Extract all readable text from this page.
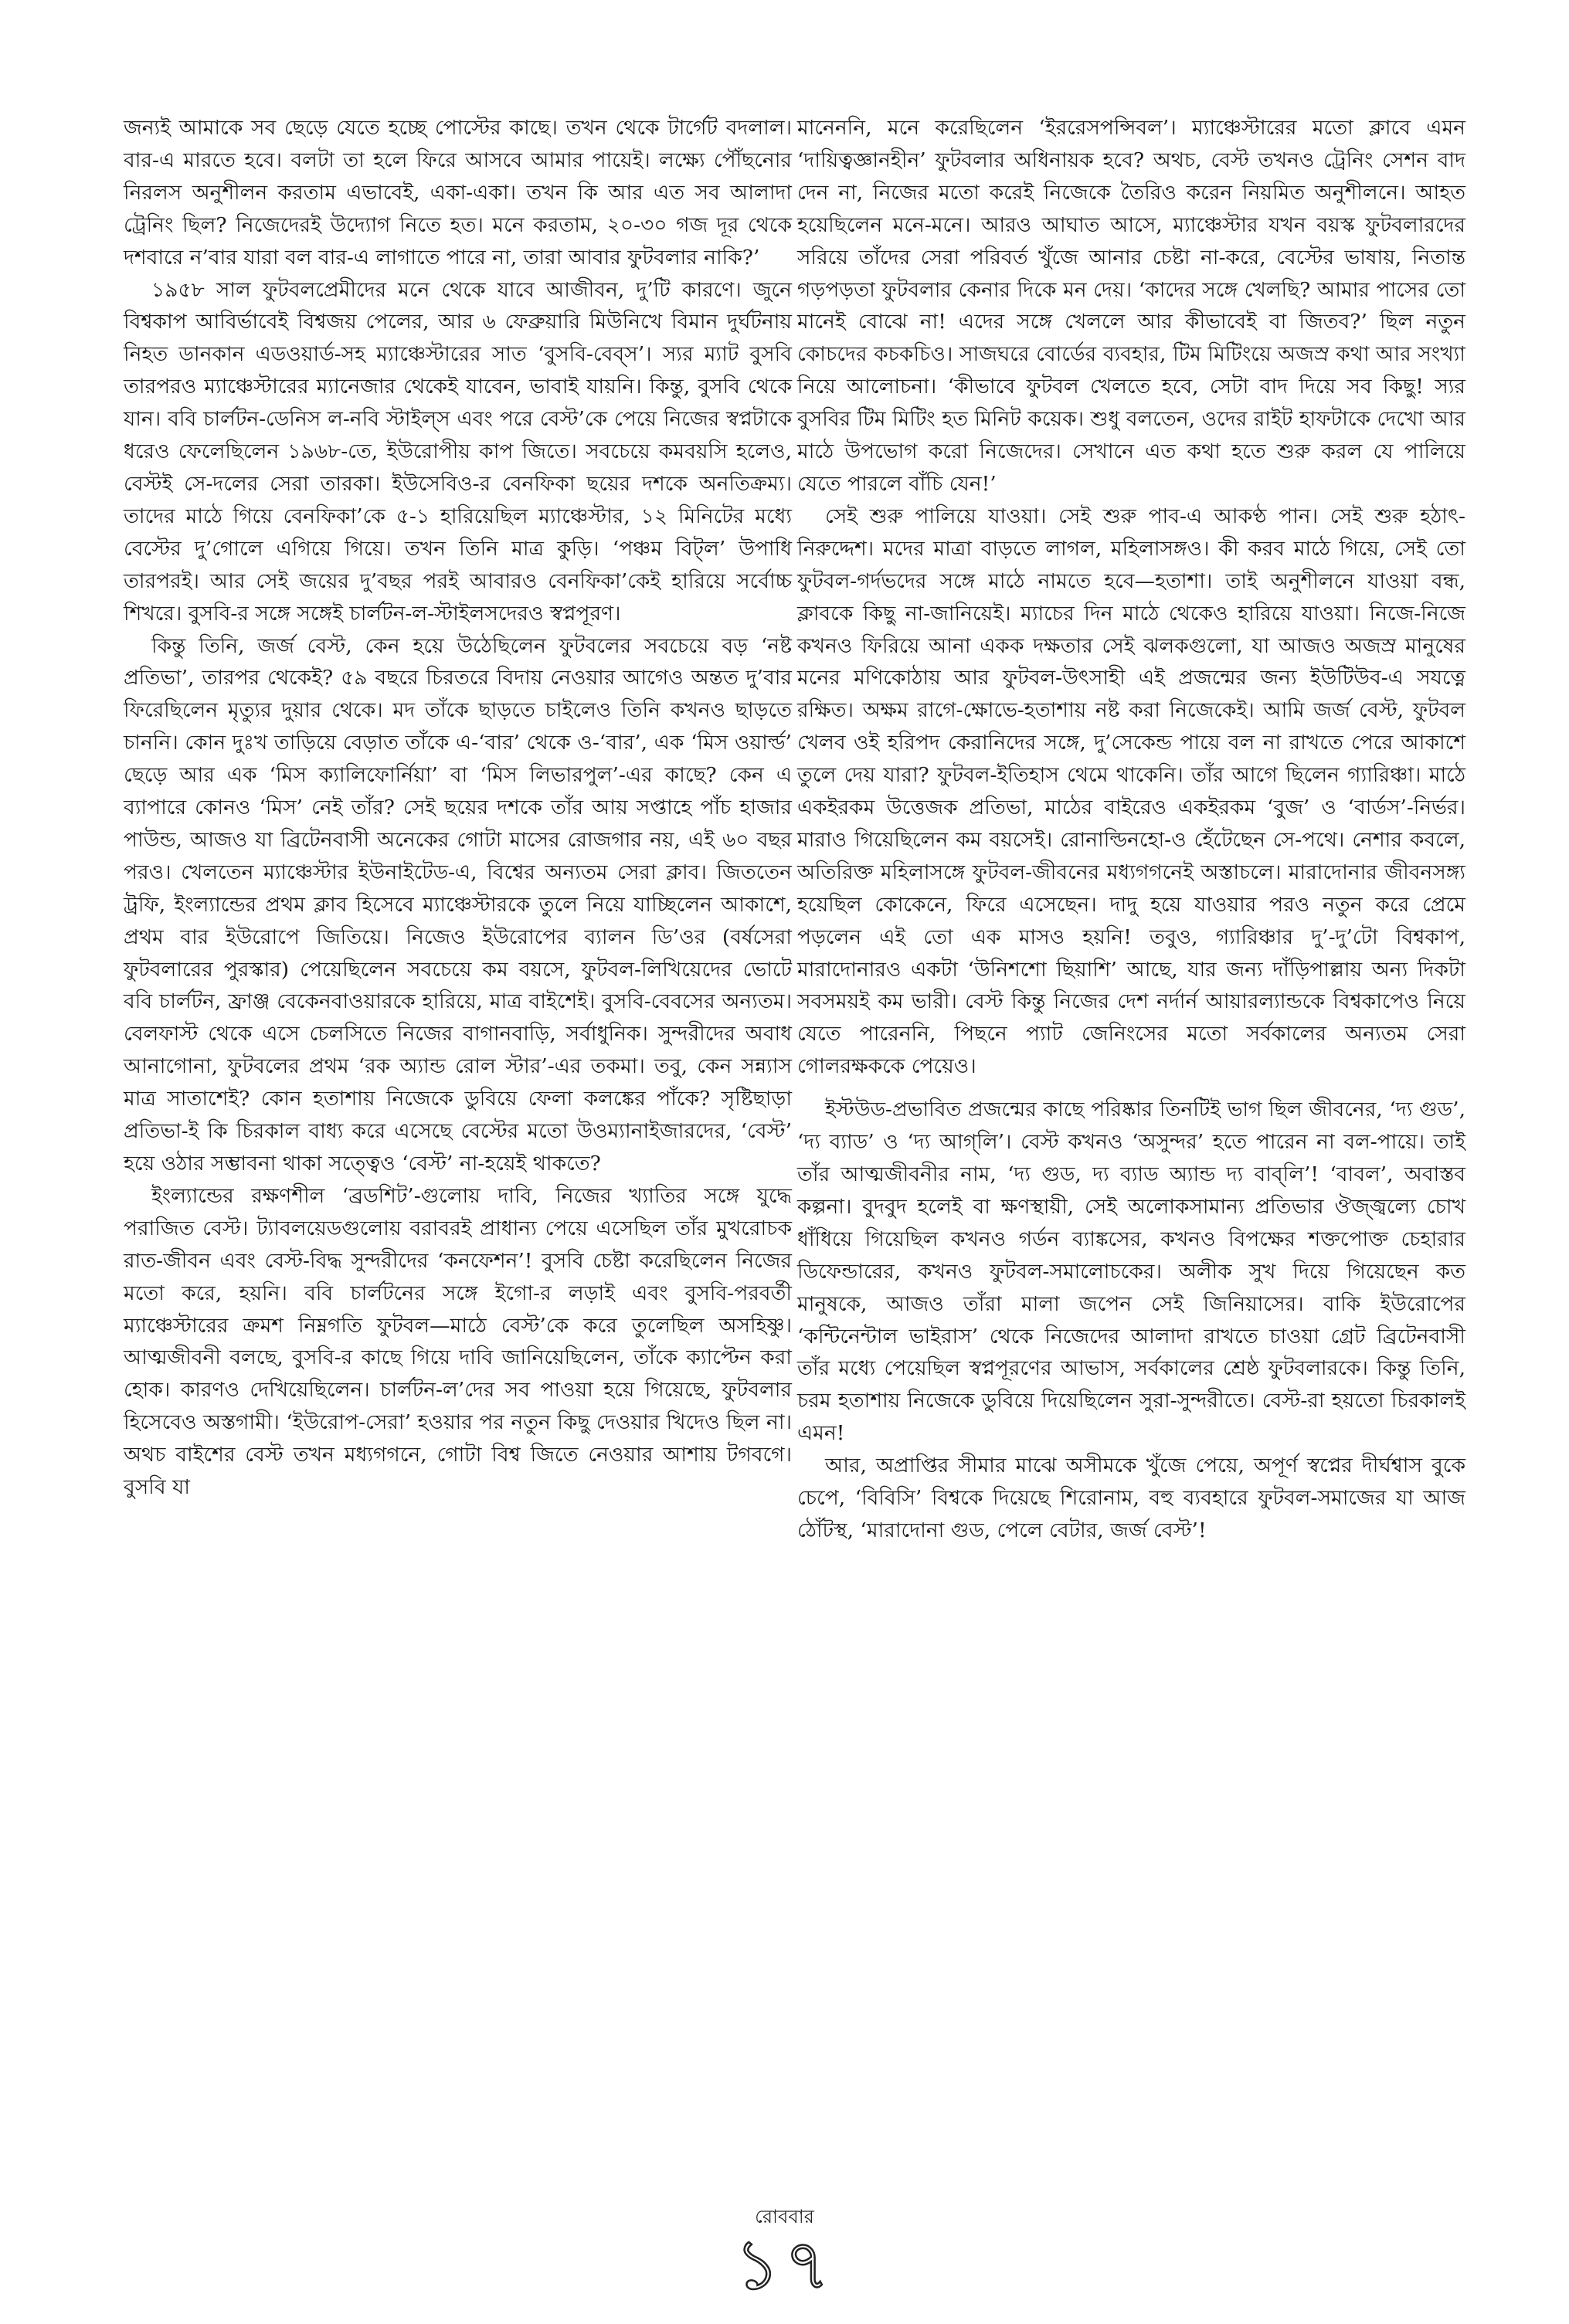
জন্যই আমাকে সব ছেড়ে যেতে হচ্ছে পোস্টের কাছে। তখন থেকে টার্গেট বদলাল। বার-এ মারতে হবে। বলটা তা হলে ফিরে আসবে আমার পায়েই। লক্ষ্যে পৌঁছনোর নিরলস অনুশীলন করতাম এভাবেই, একা-একা। তখন কি আর এত সব আলাদা ট্রেনিং ছিল? নিজেদেরই উদ্যোগ নিতে হত। মনে করতাম, ২০-৩০ গজ দূর থেকে দশবারে ন’বার যারা বল বার-এ লাগাতে পারে না, তারা আবার ফুটবলার নাকি?’

১৯৫৮ সাল ফুটবলপ্রেমীদের মনে থেকে যাবে আজীবন, দু’টি কারণে। জুনে বিশ্বকাপ আবির্ভাবেই বিশ্বজয় পেলের, আর ৬ ফেব্রুয়ারি মিউনিখে বিমান দুর্ঘটনায় নিহত ডানকান এডওয়ার্ড-সহ ম্যাঞ্চেস্টারের সাত ‘বুসবি-বেব্স’। স্যর ম্যাট বুসবি তারপরও ম্যাঞ্চেস্টারের ম্যানেজার থেকেই যাবেন, ভাবাই যায়নি। কিন্তু, বুসবি থেকে যান। ববি চার্লটন-ডেনিস ল-নবি স্টাইল্স এবং পরে বেস্ট’কে পেয়ে নিজের স্বপ্নটাকে ধরেও ফেলেছিলেন ১৯৬৮-তে, ইউরোপীয় কাপ জিতে। সবচেয়ে কমবয়সি হলেও, বেস্টই সে-দলের সেরা তারকা। ইউসেবিও-র বেনফিকা ছয়ের দশকে অনতিক্রম্য। তাদের মাঠে গিয়ে বেনফিকা’কে ৫-১ হারিয়েছিল ম্যাঞ্চেস্টার, ১২ মিনিটের মধ্যে বেস্টের দু’গোলে এগিয়ে গিয়ে। তখন তিনি মাত্র কুড়ি। ‘পঞ্চম বিট্ল’ উপাধি তারপরই। আর সেই জয়ের দু’বছর পরই আবারও বেনফিকা’কেই হারিয়ে সর্বোচ্চ শিখরে। বুসবি-র সঙ্গে সঙ্গেই চার্লটন-ল-স্টাইলসদেরও স্বপ্নপূরণ।

কিন্তু তিনি, জর্জ বেস্ট, কেন হয়ে উঠেছিলেন ফুটবলের সবচেয়ে বড় ‘নষ্ট প্রতিভা’, তারপর থেকেই? ৫৯ বছরে চিরতরে বিদায় নেওয়ার আগেও অন্তত দু’বার ফিরেছিলেন মৃত্যুর দুয়ার থেকে। মদ তাঁকে ছাড়তে চাইলেও তিনি কখনও ছাড়তে চাননি। কোন দুঃখ তাড়িয়ে বেড়াত তাঁকে এ-‘বার’ থেকে ও-‘বার’, এক ‘মিস ওয়ার্ল্ড’ ছেড়ে আর এক ‘মিস ক্যালিফোর্নিয়া’ বা ‘মিস লিভারপুল’-এর কাছে? কেন এ ব্যাপারে কোনও ‘মিস’ নেই তাঁর? সেই ছয়ের দশকে তাঁর আয় সপ্তাহে পাঁচ হাজার পাউন্ড, আজও যা ব্রিটেনবাসী অনেকের গোটা মাসের রোজগার নয়, এই ৬০ বছর পরও। খেলতেন ম্যাঞ্চেস্টার ইউনাইটেড-এ, বিশ্বের অন্যতম সেরা ক্লাব। জিততেন ট্রফি, ইংল্যান্ডের প্রথম ক্লাব হিসেবে ম্যাঞ্চেস্টারকে তুলে নিয়ে যাচ্ছিলেন আকাশে, প্রথম বার ইউরোপে জিতিয়ে। নিজেও ইউরোপের ব্যালন ডি’ওর (বর্ষসেরা ফুটবলারের পুরস্কার) পেয়েছিলেন সবচেয়ে কম বয়সে, ফুটবল-লিখিয়েদের ভোটে ববি চার্লটন, ফ্রাঞ্জ বেকেনবাওয়ারকে হারিয়ে, মাত্র বাইশেই। বুসবি-বেবসের অন্যতম। বেলফাস্ট থেকে এসে চেলসিতে নিজের বাগানবাড়ি, সর্বাধুনিক। সুন্দরীদের অবাধ আনাগোনা, ফুটবলের প্রথম ‘রক অ্যান্ড রোল স্টার’-এর তকমা। তবু, কেন সন্ন্যাস মাত্র সাতাশেই? কোন হতাশায় নিজেকে ডুবিয়ে ফেলা কলঙ্কের পাঁকে? সৃষ্টিছাড়া প্রতিভা-ই কি চিরকাল বাধ্য করে এসেছে বেস্টের মতো উওম্যানাইজারদের, ‘বেস্ট’ হয়ে ওঠার সম্ভাবনা থাকা সত্ত্বেও ‘বেস্ট’ না-হয়েই থাকতে?

ইংল্যান্ডের রক্ষণশীল ‘ব্রডশিট’-গুলোয় দাবি, নিজের খ্যাতির সঙ্গে যুদ্ধে পরাজিত বেস্ট। ট্যাবলয়েডগুলোয় বরাবরই প্রাধান্য পেয়ে এসেছিল তাঁর মুখরোচক রাত-জীবন এবং বেস্ট-বিদ্ধ সুন্দরীদের ‘কনফেশন’! বুসবি চেষ্টা করেছিলেন নিজের মতো করে, হয়নি। ববি চার্লটনের সঙ্গে ইগো-র লড়াই এবং বুসবি-পরবর্তী ম্যাঞ্চেস্টারের ক্রমশ নিম্নগতি ফুটবল—মাঠে বেস্ট’কে করে তুলেছিল অসহিষ্ণু। আত্মজীবনী বলছে, বুসবি-র কাছে গিয়ে দাবি জানিয়েছিলেন, তাঁকে ক্যাপ্টেন করা হোক। কারণও দেখিয়েছিলেন। চার্লটন-ল’দের সব পাওয়া হয়ে গিয়েছে, ফুটবলার হিসেবেও অস্তগামী। ‘ইউরোপ-সেরা’ হওয়ার পর নতুন কিছু দেওয়ার খিদেও ছিল না। অথচ বাইশের বেস্ট তখন মধ্যগগনে, গোটা বিশ্ব জিতে নেওয়ার আশায় টগবগে। বুসবি যা

মানেননি, মনে করেছিলেন ‘ইররেসপন্সিবল’। ম্যাঞ্চেস্টারের মতো ক্লাবে এমন ‘দায়িত্বজ্ঞানহীন’ ফুটবলার অধিনায়ক হবে? অথচ, বেস্ট তখনও ট্রেনিং সেশন বাদ দেন না, নিজের মতো করেই নিজেকে তৈরিও করেন নিয়মিত অনুশীলনে। আহত হয়েছিলেন মনে-মনে। আরও আঘাত আসে, ম্যাঞ্চেস্টার যখন বয়স্ক ফুটবলারদের সরিয়ে তাঁদের সেরা পরিবর্ত খুঁজে আনার চেষ্টা না-করে, বেস্টের ভাষায়, নিতান্ত গড়পড়তা ফুটবলার কেনার দিকে মন দেয়। ‘কাদের সঙ্গে খেলছি? আমার পাসের তো মানেই বোঝে না! এদের সঙ্গে খেললে আর কীভাবেই বা জিতব?’ ছিল নতুন কোচদের কচকচিও। সাজঘরে বোর্ডের ব্যবহার, টিম মিটিংয়ে অজস্র কথা আর সংখ্যা নিয়ে আলোচনা। ‘কীভাবে ফুটবল খেলতে হবে, সেটা বাদ দিয়ে সব কিছু! স্যর বুসবির টিম মিটিং হত মিনিট কয়েক। শুধু বলতেন, ওদের রাইট হাফটাকে দেখো আর মাঠে উপভোগ করো নিজেদের। সেখানে এত কথা হতে শুরু করল যে পালিয়ে যেতে পারলে বাঁচি যেন!’

সেই শুরু পালিয়ে যাওয়া। সেই শুরু পাব-এ আকণ্ঠ পান। সেই শুরু হঠাৎ-নিরুদ্দেশ। মদের মাত্রা বাড়তে লাগল, মহিলাসঙ্গও। কী করব মাঠে গিয়ে, সেই তো ফুটবল-গর্দভদের সঙ্গে মাঠে নামতে হবে—হতাশা। তাই অনুশীলনে যাওয়া বন্ধ, ক্লাবকে কিছু না-জানিয়েই। ম্যাচের দিন মাঠে থেকেও হারিয়ে যাওয়া। নিজে-নিজে কখনও ফিরিয়ে আনা একক দক্ষতার সেই ঝলকগুলো, যা আজও অজস্র মানুষের মনের মণিকোঠায় আর ফুটবল-উৎসাহী এই প্রজন্মের জন্য ইউটিউব-এ সযত্নে রক্ষিত। অক্ষম রাগে-ক্ষোভে-হতাশায় নষ্ট করা নিজেকেই। আমি জর্জ বেস্ট, ফুটবল খেলব ওই হরিপদ কেরানিদের সঙ্গে, দু’সেকেন্ড পায়ে বল না রাখতে পেরে আকাশে তুলে দেয় যারা? ফুটবল-ইতিহাস থেমে থাকেনি। তাঁর আগে ছিলেন গ্যারিঞ্চা। মাঠে একইরকম উত্তেজক প্রতিভা, মাঠের বাইরেও একইরকম ‘বুজ’ ও ‘বার্ডস’-নির্ভর। মারাও গিয়েছিলেন কম বয়সেই। রোনাল্ডিনহো-ও হেঁটেছেন সে-পথে। নেশার কবলে, অতিরিক্ত মহিলাসঙ্গে ফুটবল-জীবনের মধ্যগগনেই অস্তাচলে। মারাদোনার জীবনসঙ্গ্য হয়েছিল কোকেনে, ফিরে এসেছেন। দাদু হয়ে যাওয়ার পরও নতুন করে প্রেমে পড়লেন এই তো এক মাসও হয়নি! তবুও, গ্যারিঞ্চার দু’-দু’টো বিশ্বকাপ, মারাদোনারও একটা ‘উনিশশো ছিয়াশি’ আছে, যার জন্য দাঁড়িপাল্লায় অন্য দিকটা সবসময়ই কম ভারী। বেস্ট কিন্তু নিজের দেশ নর্দার্ন আয়ারল্যান্ডকে বিশ্বকাপেও নিয়ে যেতে পারেননি, পিছনে প্যাট জেনিংসের মতো সর্বকালের অন্যতম সেরা গোলরক্ষককে পেয়েও।

ইস্টউড-প্রভাবিত প্রজন্মের কাছে পরিষ্কার তিনটিই ভাগ ছিল জীবনের, ‘দ্য গুড’, ‘দ্য ব্যাড’ ও ‘দ্য আগ্‌লি’। বেস্ট কখনও ‘অসুন্দর’ হতে পারেন না বল-পায়ে। তাই তাঁর আত্মজীবনীর নাম, ‘দ্য গুড, দ্য ব্যাড অ্যান্ড দ্য বাব্‌লি’! ‘বাবল’, অবাস্তব কল্পনা। বুদবুদ হলেই বা ক্ষণস্থায়ী, সেই অলোকসামান্য প্রতিভার ঔজ্জ্বল্যে চোখ ধাঁধিয়ে গিয়েছিল কখনও গর্ডন ব্যাঙ্কসের, কখনও বিপক্ষের শক্তপোক্ত চেহারার ডিফেন্ডারের, কখনও ফুটবল-সমালোচকের। অলীক সুখ দিয়ে গিয়েছেন কত মানুষকে, আজও তাঁরা মালা জপেন সেই জিনিয়াসের। বাকি ইউরোপের ‘কন্টিনেন্টাল ভাইরাস’ থেকে নিজেদের আলাদা রাখতে চাওয়া গ্রেট ব্রিটেনবাসী তাঁর মধ্যে পেয়েছিল স্বপ্নপূরণের আভাস, সর্বকালের শ্রেষ্ঠ ফুটবলারকে। কিন্তু তিনি, চরম হতাশায় নিজেকে ডুবিয়ে দিয়েছিলেন সুরা-সুন্দরীতে। বেস্ট-রা হয়তো চিরকালই এমন!

আর, অপ্রাপ্তির সীমার মাঝে অসীমকে খুঁজে পেয়ে, অপূর্ণ স্বপ্নের দীর্ঘশ্বাস বুকে চেপে, ‘বিবিসি’ বিশ্বকে দিয়েছে শিরোনাম, বহু ব্যবহারে ফুটবল-সমাজের যা আজ ঠোঁটস্থ, ‘মারাদোনা গুড, পেলে বেটার, জর্জ বেস্ট’!

রোববার
১৭
